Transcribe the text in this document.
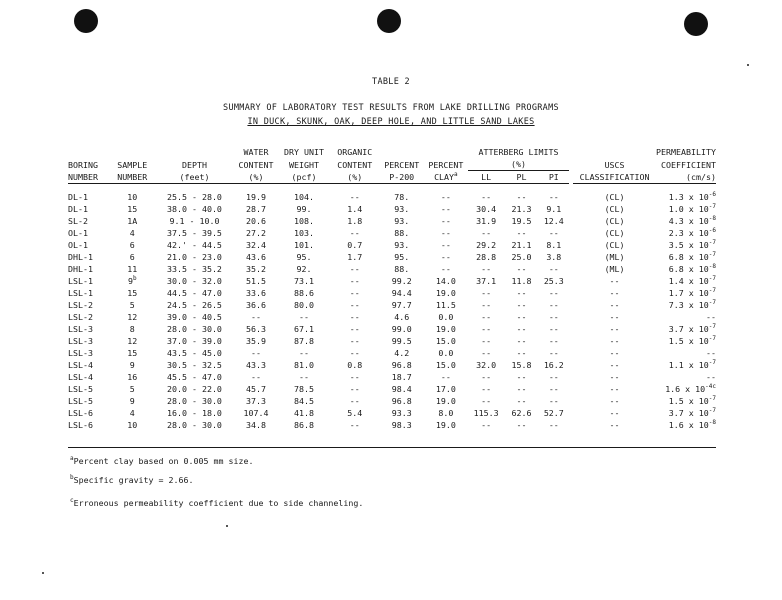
TABLE 2
SUMMARY OF LABORATORY TEST RESULTS FROM LAKE DRILLING PROGRAMS
IN DUCK, SKUNK, OAK, DEEP HOLE, AND LITTLE SAND LAKES
			WATER	DRY UNIT	ORGANIC			ATTERBERG LIMITS					PERMEABILITY
BORING	SAMPLE	DEPTH	CONTENT	WEIGHT	CONTENT	PERCENT	PERCENT	(%)				USCS	COEFFICIENT
NUMBER	NUMBER	(feet)	(%)	(pcf)	(%)	P-200	CLAY$^a$	LL	PL	PI		CLASSIFICATION	(cm/s)
DL-1	10	25.5 - 28.0	19.9	104.	--	78.	--	--	--	--		(CL)	1.3 x $10^{-6}$
DL-1	15	38.0 - 40.0	28.7	99.	1.4	93.	--	30.4	21.3	9.1		(CL)	1.0 x $10^{-7}$
SL-2	1A	9.1 - 10.0	20.6	108.	1.8	93.	--	31.9	19.5	12.4		(CL)	4.3 x $10^{-8}$
OL-1	4	37.5 - 39.5	27.2	103.	--	88.	--	--	--	--		(CL)	2.3 x $10^{-6}$
OL-1	6	42.' - 44.5	32.4	101.	0.7	93.	--	29.2	21.1	8.1		(CL)	3.5 x $10^{-7}$
DHL-1	6	21.0 - 23.0	43.6	95.	1.7	95.	--	28.8	25.0	3.8		(ML)	6.8 x $10^{-7}$
DHL-1	11	33.5 - 35.2	35.2	92.	--	88.	--	--	--	--		(ML)	6.8 x $10^{-8}$
LSL-1	9$^b$	30.0 - 32.0	51.5	73.1	--	99.2	14.0	37.1	11.8	25.3		--	1.4 x $10^{-7}$
LSL-1	15	44.5 - 47.0	33.6	88.6	--	94.4	19.0	--	--	--		--	1.7 x $10^{-7}$
LSL-2	5	24.5 - 26.5	36.6	80.0	--	97.7	11.5	--	--	--		--	7.3 x $10^{-7}$
LSL-2	12	39.0 - 40.5	--	--	--	4.6	0.0	--	--	--		--	--
LSL-3	8	28.0 - 30.0	56.3	67.1	--	99.0	19.0	--	--	--		--	3.7 x $10^{-7}$
LSL-3	12	37.0 - 39.0	35.9	87.8	--	99.5	15.0	--	--	--		--	1.5 x $10^{-7}$
LSL-3	15	43.5 - 45.0	--	--	--	4.2	0.0	--	--	--		--	--
LSL-4	9	30.5 - 32.5	43.3	81.0	0.8	96.8	15.0	32.0	15.8	16.2		--	1.1 x $10^{-7}$
LSL-4	16	45.5 - 47.0	--	--	--	18.7	--	--	--	--		--	--
LSL-5	5	20.0 - 22.0	45.7	78.5	--	98.4	17.0	--	--	--		--	1.6 x $10^{-4c}$
LSL-5	9	28.0 - 30.0	37.3	84.5	--	96.8	19.0	--	--	--		--	1.5 x $10^{-7}$
LSL-6	4	16.0 - 18.0	107.4	41.8	5.4	93.3	8.0	115.3	62.6	52.7		--	3.7 x $10^{-7}$
LSL-6	10	28.0 - 30.0	34.8	86.8	--	98.3	19.0	--	--	--		--	1.6 x $10^{-8}$
$^a$Percent clay based on 0.005 mm size.
$^b$Specific gravity = 2.66.
$^c$Erroneous permeability coefficient due to side channeling.
